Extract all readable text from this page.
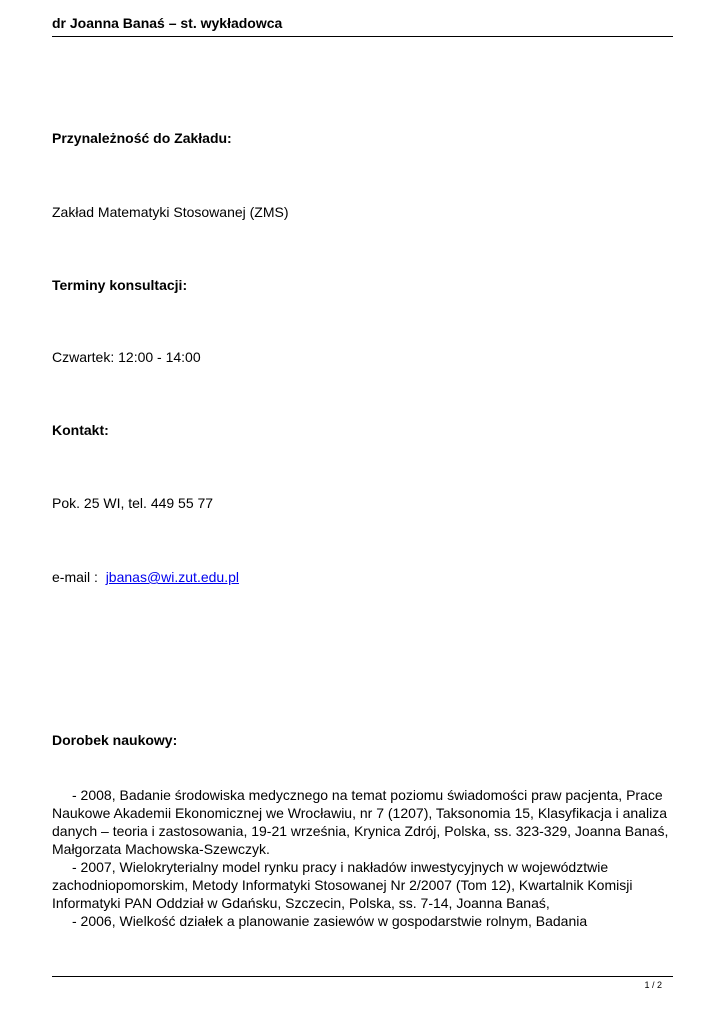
dr Joanna Banaś – st. wykładowca
Przynależność do Zakładu:
Zakład Matematyki Stosowanej (ZMS)
Terminy konsultacji:
Czwartek: 12:00 - 14:00
Kontakt:
Pok. 25 WI, tel. 449 55 77
e-mail :  jbanas@wi.zut.edu.pl
Dorobek naukowy:

- 2008, Badanie środowiska medycznego na temat poziomu świadomości praw pacjenta, Prace Naukowe Akademii Ekonomicznej we Wrocławiu, nr 7 (1207), Taksonomia 15, Klasyfikacja i analiza danych – teoria i zastosowania, 19-21 września, Krynica Zdrój, Polska, ss. 323-329, Joanna Banaś, Małgorzata Machowska-Szewczyk.

- 2007, Wielokryterialny model rynku pracy i nakładów inwestycyjnych w województwie zachodniopomorskim, Metody Informatyki Stosowanej Nr 2/2007 (Tom 12), Kwartalnik Komisji Informatyki PAN Oddział w Gdańsku, Szczecin, Polska, ss. 7-14, Joanna Banaś,

- 2006, Wielkość działek a planowanie zasiewów w gospodarstwie rolnym, Badania

1 / 2
